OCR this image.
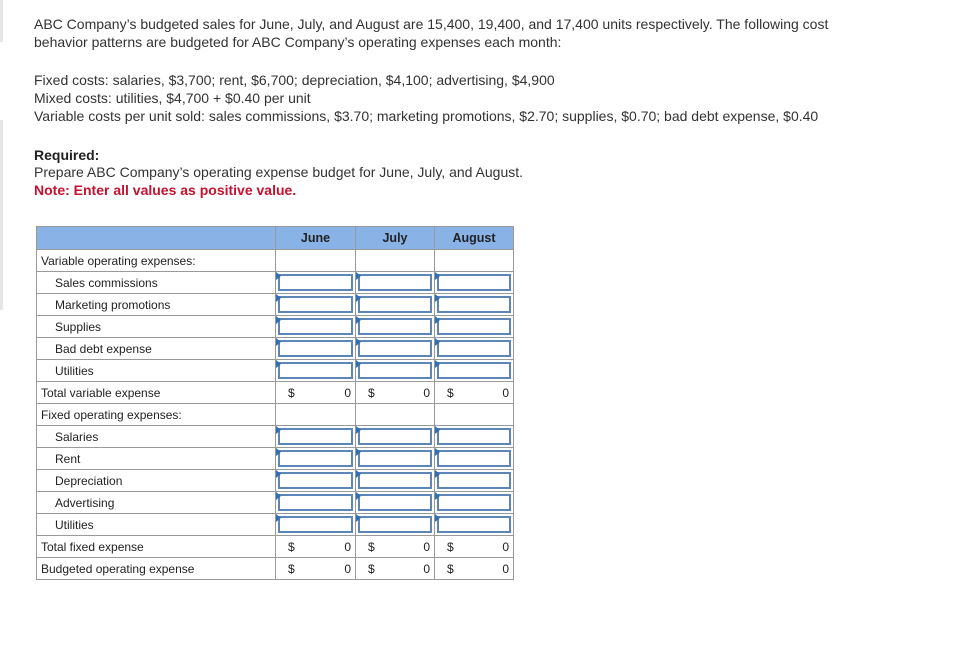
ABC Company’s budgeted sales for June, July, and August are 15,400, 19,400, and 17,400 units respectively. The following cost

behavior patterns are budgeted for ABC Company’s operating expenses each month:

Fixed costs: salaries, $3,700; rent, $6,700; depreciation, $4,100; advertising, $4,900

Mixed costs: utilities, $4,700 + $0.40 per unit

Variable costs per unit sold: sales commissions, $3.70; marketing promotions, $2.70; supplies, $0.70; bad debt expense, $0.40

Required:

Prepare ABC Company’s operating expense budget for June, July, and August.

Note: Enter all values as positive value.

	June	July	August
Variable operating expenses:			
Sales commissions	

Marketing promotions	

Supplies	

Bad debt expense	

Utilities	

Total variable expense	$ 0	$ 0	$ 0

Fixed operating expenses:			
Salaries	

Rent	

Depreciation	

Advertising	

Utilities	

Total fixed expense	$ 0	$ 0	$ 0

Budgeted operating expense	$ 0	$ 0	$ 0
